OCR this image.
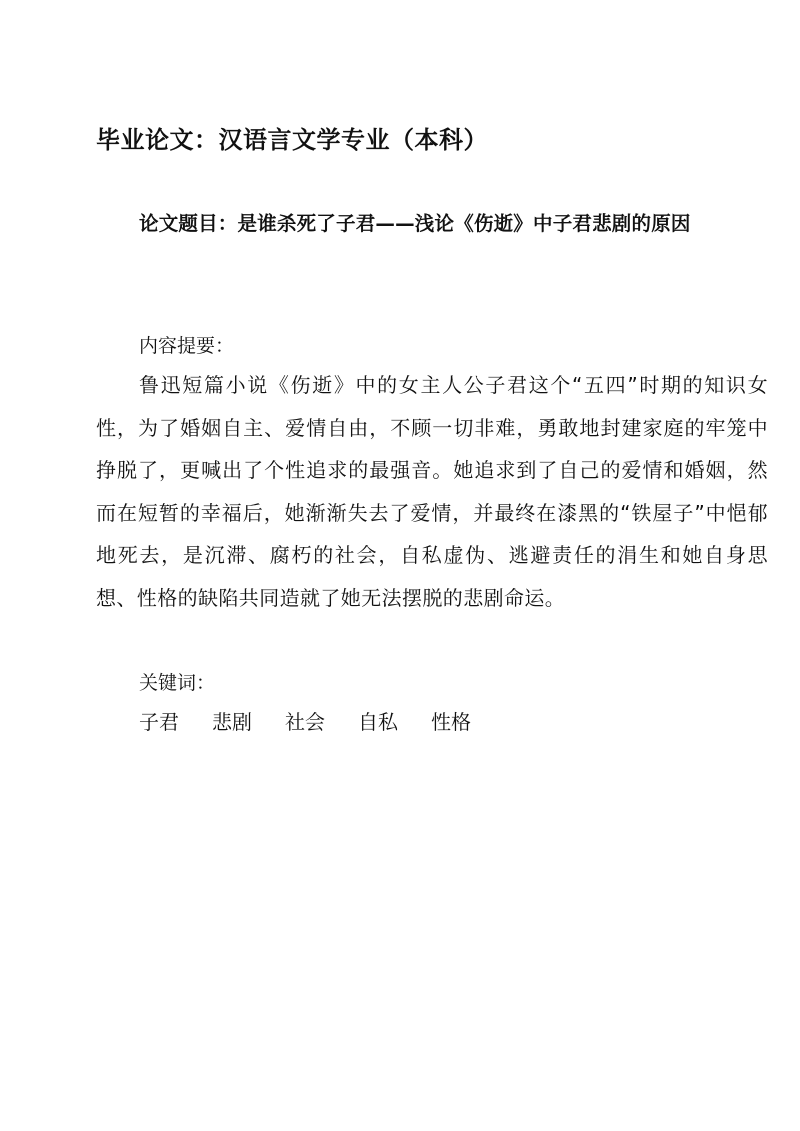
毕业论文：汉语言文学专业（本科）
论文题目：是谁杀死了子君——浅论《伤逝》中子君悲剧的原因
内容提要：

鲁迅短篇小说《伤逝》中的女主人公子君这个“五四”时期的知识女性，为了婚姻自主、爱情自由，不顾一切非难，勇敢地封建家庭的牢笼中挣脱了，更喊出了个性追求的最强音。她追求到了自己的爱情和婚姻，然而在短暂的幸福后，她渐渐失去了爱情，并最终在漆黑的“铁屋子”中悒郁地死去，是沉滞、腐朽的社会，自私虚伪、逃避责任的涓生和她自身思想、性格的缺陷共同造就了她无法摆脱的悲剧命运。

关键词：
子君 悲剧 社会 自私 性格
